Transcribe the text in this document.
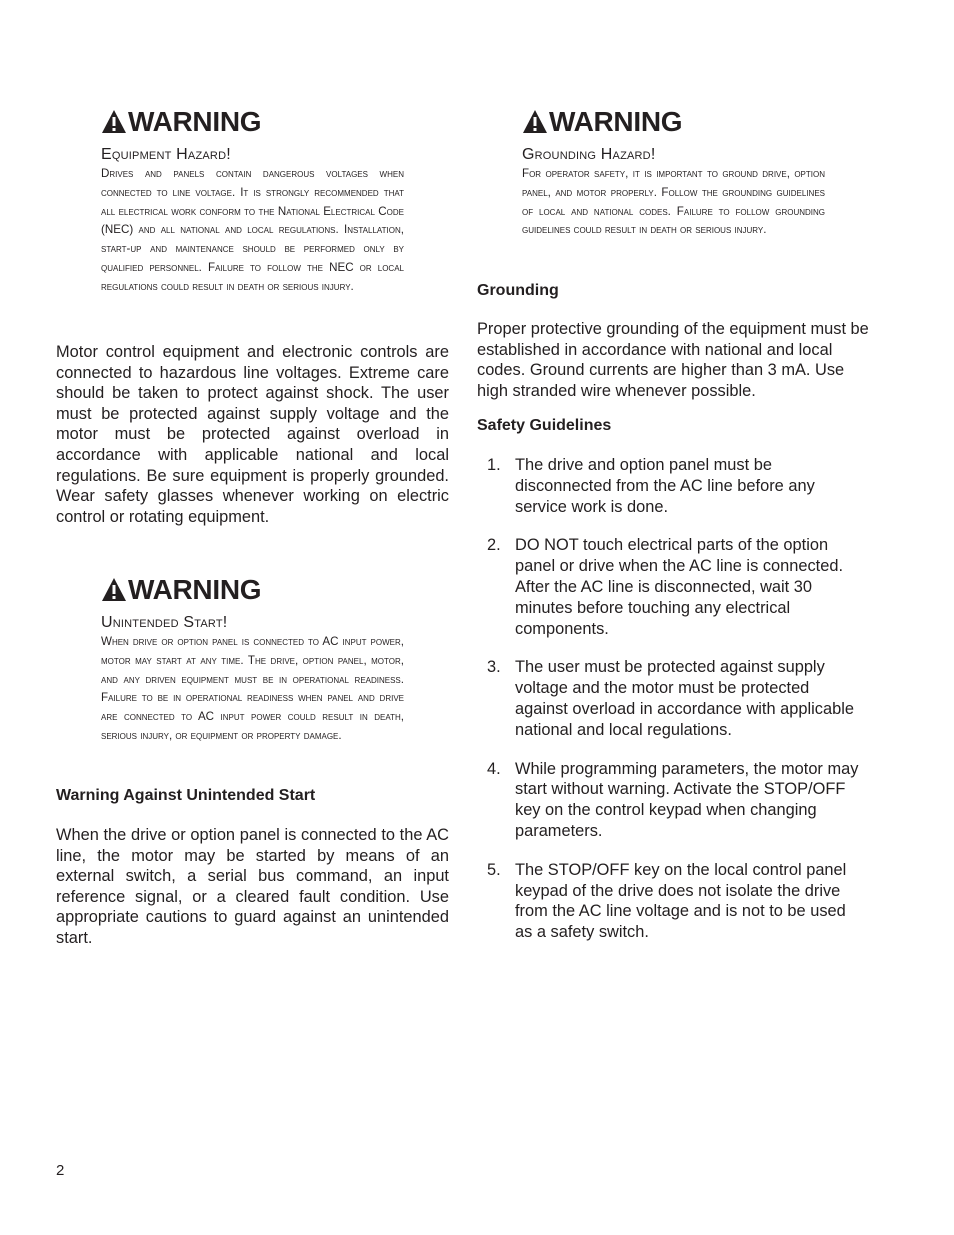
WARNING
Equipment Hazard!
Drives and panels contain dangerous voltages when connected to line voltage. It is strongly recommended that all electrical work conform to the National Electrical Code (NEC) and all national and local regulations. Installation, start-up and maintenance should be performed only by qualified personnel. Failure to follow the NEC or local regulations could result in death or serious injury.
Motor control equipment and electronic controls are connected to hazardous line voltages. Extreme care should be taken to protect against shock. The user must be protected against supply voltage and the motor must be protected against overload in accordance with applicable national and local regulations. Be sure equipment is properly grounded. Wear safety glasses whenever working on electric control or rotating equipment.
WARNING
Unintended Start!
When drive or option panel is connected to AC input power, motor may start at any time. The drive, option panel, motor, and any driven equipment must be in operational readiness. Failure to be in operational readiness when panel and drive are connected to AC input power could result in death, serious injury, or equipment or property damage.
Warning Against Unintended Start
When the drive or option panel is connected to the AC line, the motor may be started by means of an external switch, a serial bus command, an input reference signal, or a cleared fault condition. Use appropriate cautions to guard against an unintended start.
WARNING
Grounding Hazard!
For operator safety, it is important to ground drive, option panel, and motor properly. Follow the grounding guidelines of local and national codes. Failure to follow grounding guidelines could result in death or serious injury.
Grounding
Proper protective grounding of the equipment must be established in accordance with national and local codes. Ground currents are higher than 3 mA. Use high stranded wire whenever possible.
Safety Guidelines
1. The drive and option panel must be disconnected from the AC line before any service work is done.
2. DO NOT touch electrical parts of the option panel or drive when the AC line is connected. After the AC line is disconnected, wait 30 minutes before touching any electrical components.
3. The user must be protected against supply voltage and the motor must be protected against overload in accordance with applicable national and local regulations.
4. While programming parameters, the motor may start without warning. Activate the STOP/OFF key on the control keypad when changing parameters.
5. The STOP/OFF key on the local control panel keypad of the drive does not isolate the drive from the AC line voltage and is not to be used as a safety switch.
2
